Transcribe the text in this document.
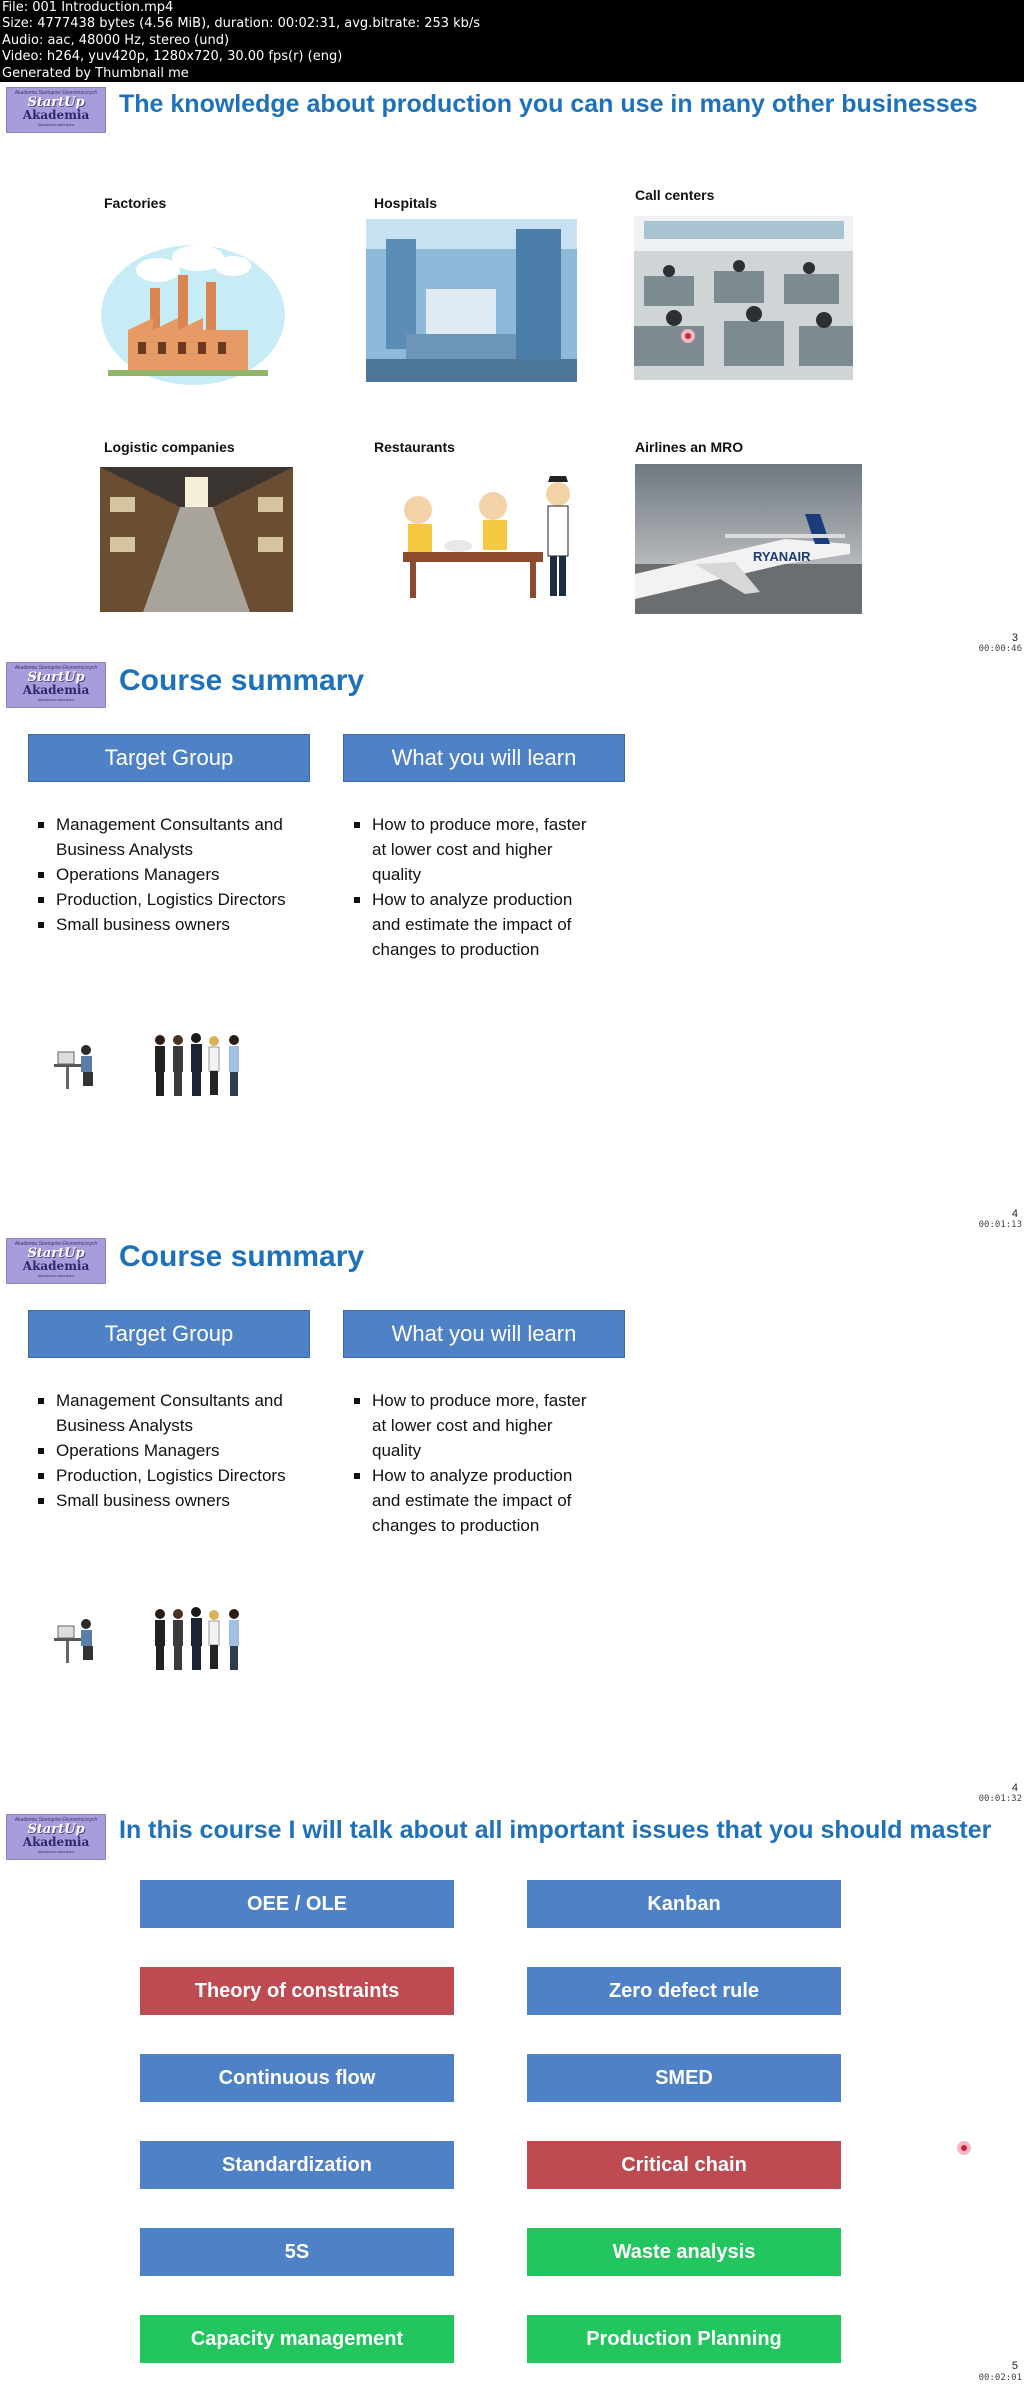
File: 001 Introduction.mp4
Size: 4777438 bytes (4.56 MiB), duration: 00:02:31, avg.bitrate: 253 kb/s
Audio: aac, 48000 Hz, stereo (und)
Video: h264, yuv420p, 1280x720, 30.00 fps(r) (eng)
Generated by Thumbnail me
Akademia Startupów Ekonomicznych
StartUp
Akademia
Akademia startupów
The knowledge about production you can use in many other businesses
Factories	Hospitals	Call centers
Logistic companies	Restaurants	Airlines an MRO
RYANAIR
3
00:00:46
Akademia Startupów Ekonomicznych
StartUp
Akademia
Akademia startupów
Course summary
Target Group	What you will learn
Management Consultants and
Business Analysts
Operations Managers
Production, Logistics Directors
Small business owners
How to produce more, faster
at lower cost and higher
quality
How to analyze production
and estimate the impact of
changes to production
4
00:01:13
Akademia Startupów Ekonomicznych
StartUp
Akademia
Akademia startupów
Course summary
Target Group	What you will learn
Management Consultants and
Business Analysts
Operations Managers
Production, Logistics Directors
Small business owners
How to produce more, faster
at lower cost and higher
quality
How to analyze production
and estimate the impact of
changes to production
4
00:01:32
Akademia Startupów Ekonomicznych
StartUp
Akademia
Akademia startupów
In this course I will talk about all important issues that you should master
OEE / OLE	Kanban
Theory of constraints	Zero defect rule
Continuous flow	SMED
Standardization	Critical chain
5S	Waste analysis
Capacity management	Production Planning
5
00:02:01
